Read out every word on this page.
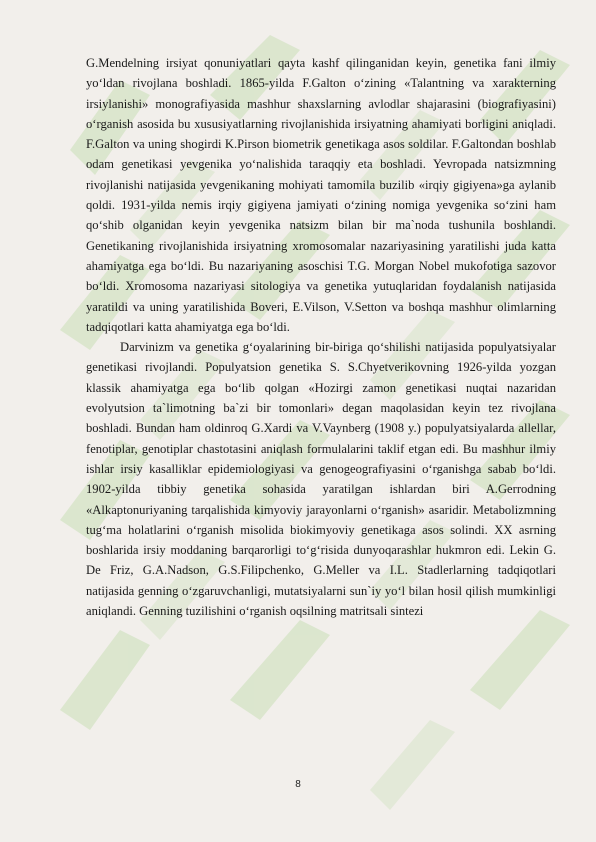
G.Mendelning irsiyat qonuniyatlari qayta kashf qilinganidan keyin, genetika fani ilmiy yo‘ldan rivojlana boshladi. 1865-yilda F.Galton o‘zining «Talantning va xarakterning irsiylanishi» monografiyasida mashhur shaxslarning avlodlar shajarasini (biografiyasini) o‘rganish asosida bu xususiyatlarning rivojlanishida irsiyatning ahamiyati borligini aniqladi. F.Galton va uning shogirdi K.Pirson biometrik genetikaga asos soldilar. F.Galtondan boshlab odam genetikasi yevgenika yo‘nalishida taraqqiy eta boshladi. Yevropada natsizmning rivojlanishi natijasida yevgenikaning mohiyati tamomila buzilib «irqiy gigiyena»ga aylanib qoldi. 1931-yilda nemis irqiy gigiyena jamiyati o‘zining nomiga yevgenika so‘zini ham qo‘shib olganidan keyin yevgenika natsizm bilan bir ma`noda tushunila boshlandi. Genetikaning rivojlanishida irsiyatning xromosomalar nazariyasining yaratilishi juda katta ahamiyatga ega bo‘ldi. Bu nazariyaning asoschisi T.G. Morgan Nobel mukofotiga sazovor bo‘ldi. Xromosoma nazariyasi sitologiya va genetika yutuqlaridan foydalanish natijasida yaratildi va uning yaratilishida Boveri, E.Vilson, V.Setton va boshqa mashhur olimlarning tadqiqotlari katta ahamiyatga ega bo‘ldi.

Darvinizm va genetika g‘oyalarining bir-biriga qo‘shilishi natijasida populyatsiyalar genetikasi rivojlandi. Populyatsion genetika S. S.Chyetverikovning 1926-yilda yozgan klassik ahamiyatga ega bo‘lib qolgan «Hozirgi zamon genetikasi nuqtai nazaridan evolyutsion ta`limotning ba`zi bir tomonlari» degan maqolasidan keyin tez rivojlana boshladi. Bundan ham oldinroq G.Xardi va V.Vaynberg (1908 y.) populyatsiyalarda allellar, fenotiplar, genotiplar chastotasini aniqlash formulalarini taklif etgan edi. Bu mashhur ilmiy ishlar irsiy kasalliklar epidemiologiyasi va genogeografiyasini o‘rganishga sabab bo‘ldi. 1902-yilda tibbiy genetika sohasida yaratilgan ishlardan biri A.Gerrodning «Alkaptonuriyaning tarqalishida kimyoviy jarayonlarni o‘rganish» asaridir. Metabolizmning tug‘ma holatlarini o‘rganish misolida biokimyoviy genetikaga asos solindi. XX asrning boshlarida irsiy moddaning barqarorligi to‘g‘risida dunyoqarashlar hukmron edi. Lekin G. De Friz, G.A.Nadson, G.S.Filipchenko, G.Meller va I.L. Stadlerlarning tadqiqotlari natijasida genning o‘zgaruvchanligi, mutatsiyalarni sun`iy yo‘l bilan hosil qilish mumkinligi aniqlandi. Genning tuzilishini o‘rganish oqsilning matritsali sintezi

8
